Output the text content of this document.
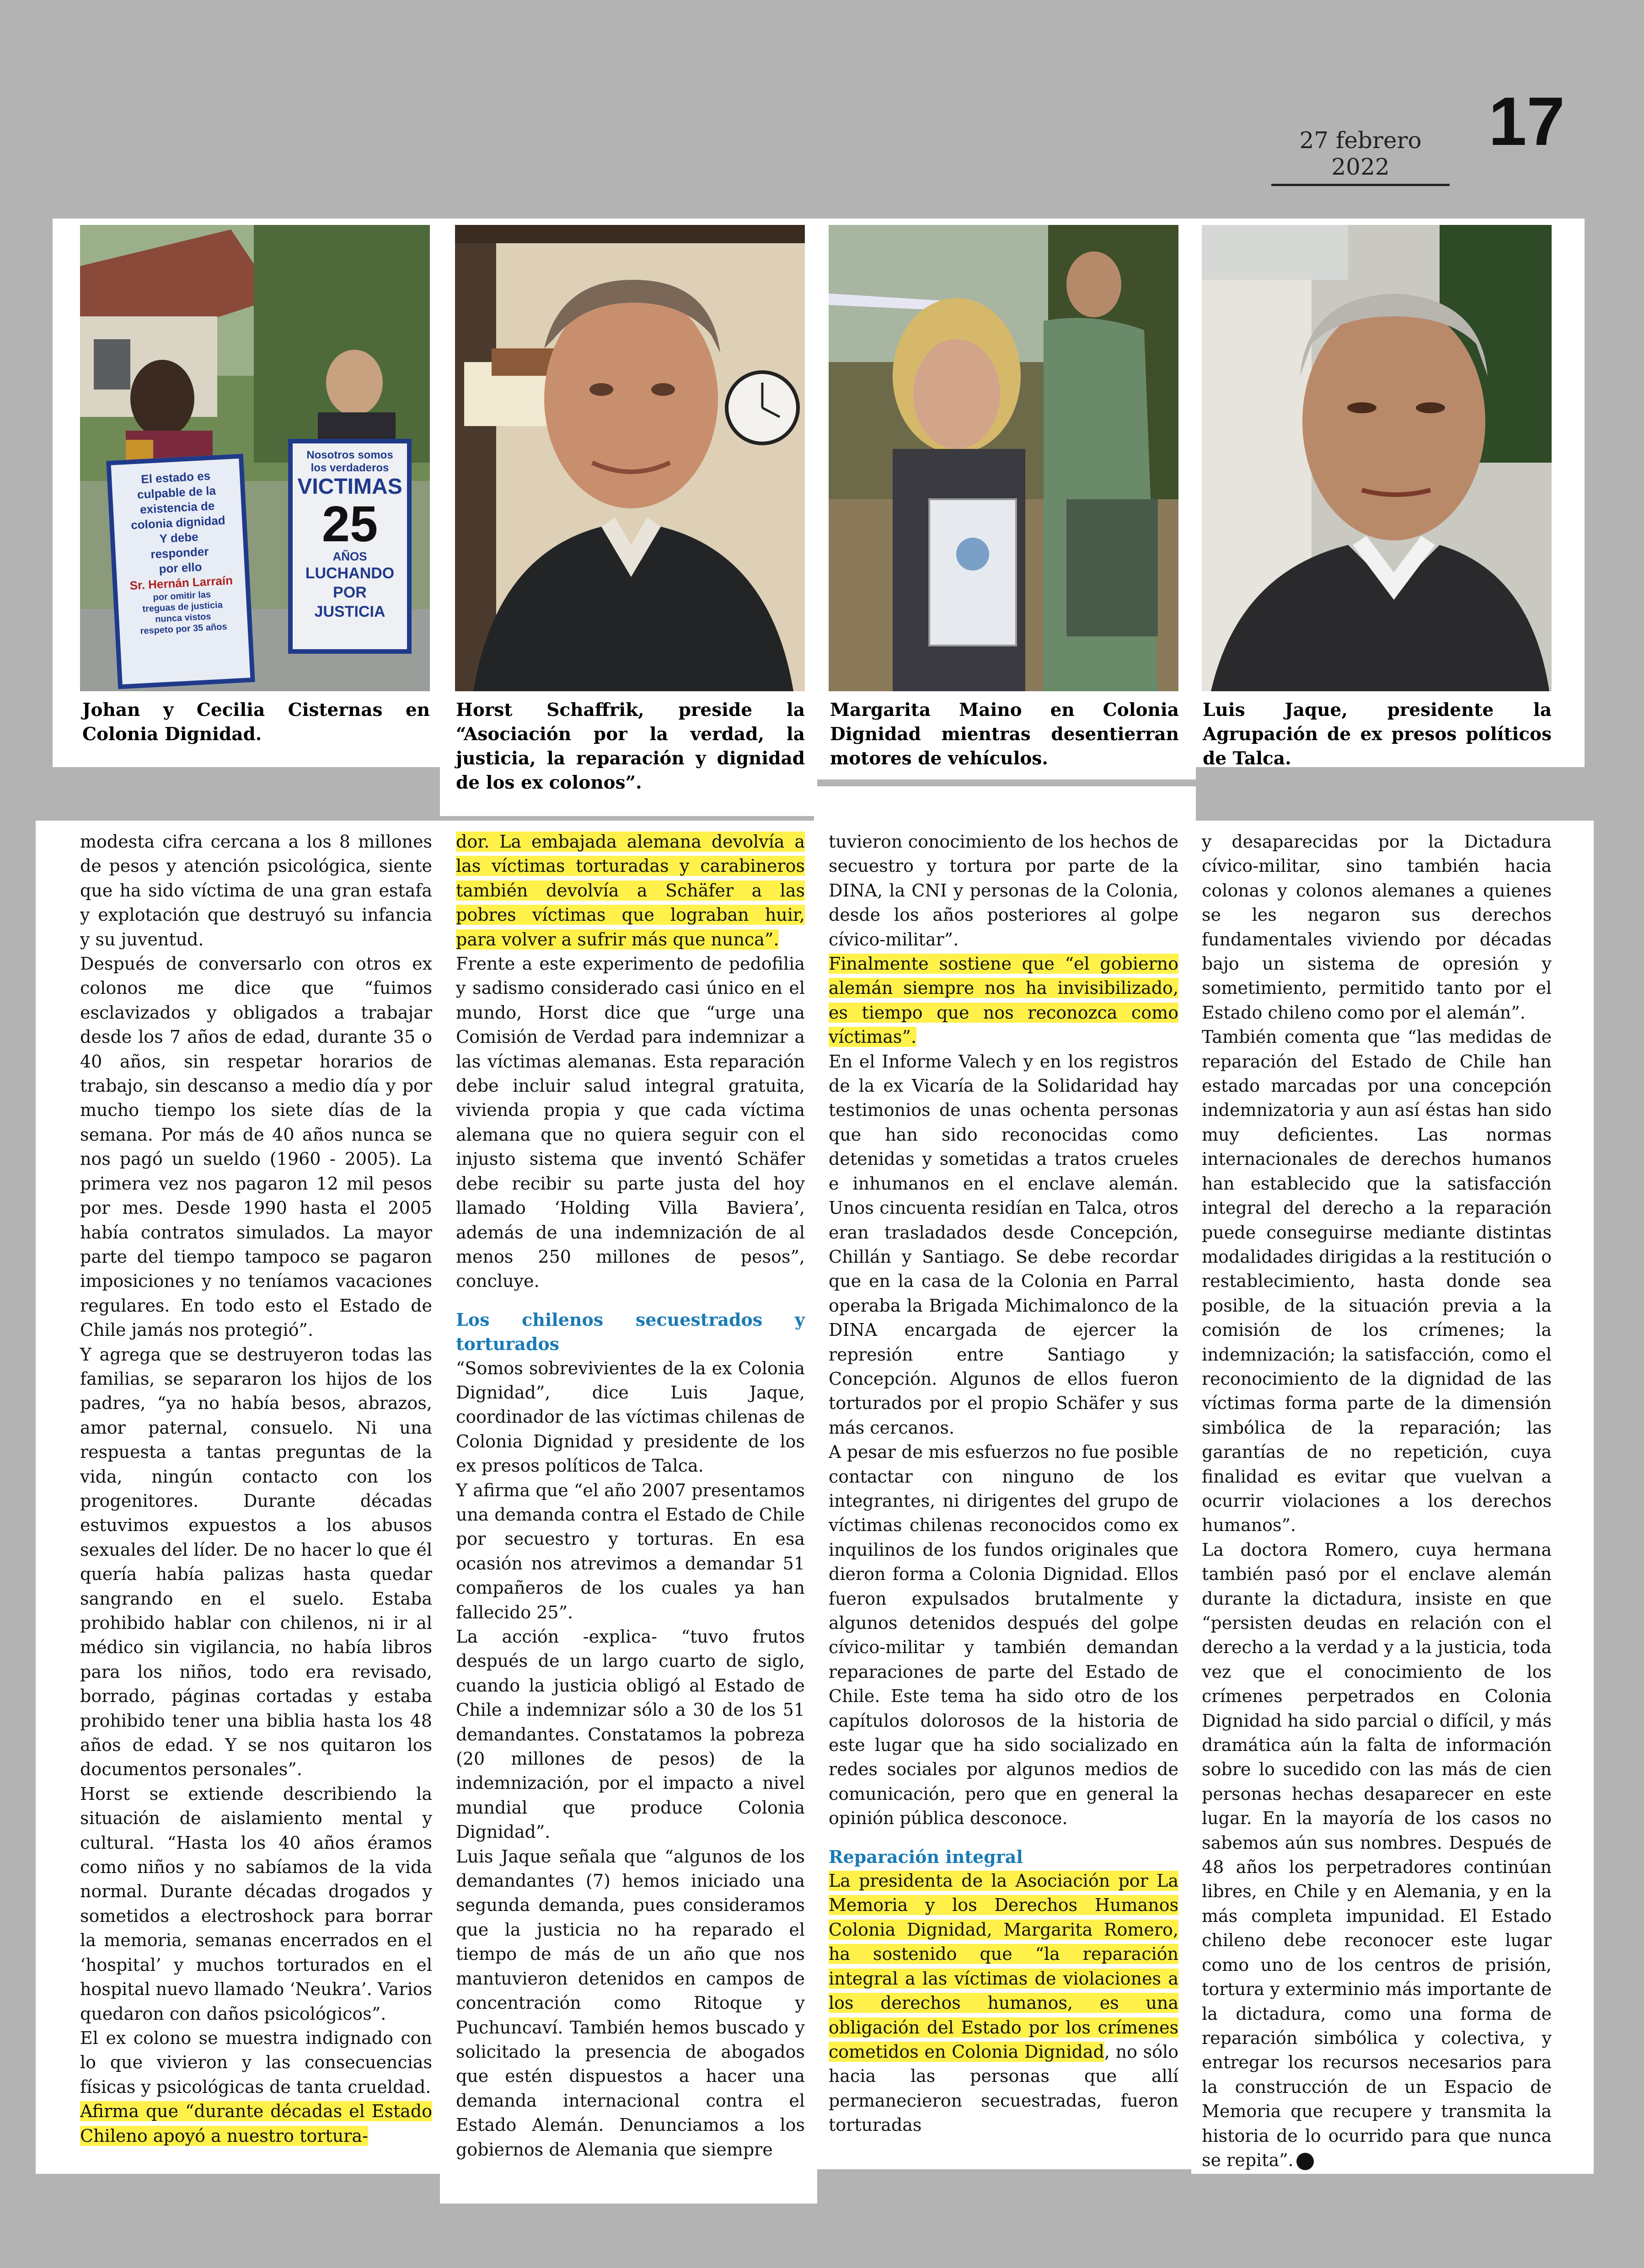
27 febrero 2022
17
El estado es
culpable de la
existencia de
colonia dignidad
Y debe
responder
por ello
Sr. Hernán Larraín
por omitir las
treguas de justicia
nunca vistos
respeto por 35 años
Nosotros somos
los verdaderos
VICTIMAS
25
AÑOS
LUCHANDO
POR
JUSTICIA
Johan y Cecilia Cisternas en Colonia Dignidad.
Horst Schaffrik, preside la “Asociación por la verdad, la justicia, la reparación y dignidad de los ex colonos”.
Margarita Maino en Colonia Dignidad mientras desentierran motores de vehículos.
Luis Jaque, presidente la Agrupación de ex presos políticos de Talca.

modesta cifra cercana a los 8 millones de pesos y atención psicológica, siente que ha sido víctima de una gran estafa y explotación que destruyó su infancia y su juventud.

Después de conversarlo con otros ex colonos me dice que “fuimos esclavizados y obligados a trabajar desde los 7 años de edad, durante 35 o 40 años, sin respetar horarios de trabajo, sin descanso a medio día y por mucho tiempo los siete días de la semana. Por más de 40 años nunca se nos pagó un sueldo (1960 - 2005). La primera vez nos pagaron 12 mil pesos por mes. Desde 1990 hasta el 2005 había contratos simulados. La mayor parte del tiempo tampoco se pagaron imposiciones y no teníamos vacaciones regulares. En todo esto el Estado de Chile jamás nos protegió”.

Y agrega que se destruyeron todas las familias, se separaron los hijos de los padres, “ya no había besos, abrazos, amor paternal, consuelo. Ni una respuesta a tantas preguntas de la vida, ningún contacto con los progenitores. Durante décadas estuvimos expuestos a los abusos sexuales del líder. De no hacer lo que él quería había palizas hasta quedar sangrando en el suelo. Estaba prohibido hablar con chilenos, ni ir al médico sin vigilancia, no había libros para los niños, todo era revisado, borrado, páginas cortadas y estaba prohibido tener una biblia hasta los 48 años de edad. Y se nos quitaron los documentos personales”.

Horst se extiende describiendo la situación de aislamiento mental y cultural. “Hasta los 40 años éramos como niños y no sabíamos de la vida normal. Durante décadas drogados y sometidos a electroshock para borrar la memoria, semanas encerrados en el ‘hospital’ y muchos torturados en el hospital nuevo llamado ‘Neukra’. Varios quedaron con daños psicológicos”.

El ex colono se muestra indignado con lo que vivieron y las consecuencias físicas y psicológicas de tanta crueldad.

Afirma que “durante décadas el Estado Chileno apoyó a nuestro tortura-

dor. La embajada alemana devolvía a las víctimas torturadas y carabineros también devolvía a Schäfer a las pobres víctimas que lograban huir, para volver a sufrir más que nunca”.

Frente a este experimento de pedofilia y sadismo considerado casi único en el mundo, Horst dice que “urge una Comisión de Verdad para indemnizar a las víctimas alemanas. Esta reparación debe incluir salud integral gratuita, vivienda propia y que cada víctima alemana que no quiera seguir con el injusto sistema que inventó Schäfer debe recibir su parte justa del hoy llamado ‘Holding Villa Baviera’, además de una indemnización de al menos 250 millones de pesos”, concluye.

Los chilenos secuestrados y torturados

“Somos sobrevivientes de la ex Colonia Dignidad”, dice Luis Jaque, coordinador de las víctimas chilenas de Colonia Dignidad y presidente de los ex presos políticos de Talca.

Y afirma que “el año 2007 presentamos una demanda contra el Estado de Chile por secuestro y torturas. En esa ocasión nos atrevimos a demandar 51 compañeros de los cuales ya han fallecido 25”.

La acción -explica- “tuvo frutos después de un largo cuarto de siglo, cuando la justicia obligó al Estado de Chile a indemnizar sólo a 30 de los 51 demandantes. Constatamos la pobreza (20 millones de pesos) de la indemnización, por el impacto a nivel mundial que produce Colonia Dignidad”.

Luis Jaque señala que “algunos de los demandantes (7) hemos iniciado una segunda demanda, pues consideramos que la justicia no ha reparado el tiempo de más de un año que nos mantuvieron detenidos en campos de concentración como Ritoque y Puchuncaví. También hemos buscado y solicitado la presencia de abogados que estén dispuestos a hacer una demanda internacional contra el Estado Alemán. Denunciamos a los gobiernos de Alemania que siempre

tuvieron conocimiento de los hechos de secuestro y tortura por parte de la DINA, la CNI y personas de la Colonia, desde los años posteriores al golpe cívico-militar”.

Finalmente sostiene que “el gobierno alemán siempre nos ha invisibilizado, es tiempo que nos reconozca como víctimas”.

En el Informe Valech y en los registros de la ex Vicaría de la Solidaridad hay testimonios de unas ochenta personas que han sido reconocidas como detenidas y sometidas a tratos crueles e inhumanos en el enclave alemán. Unos cincuenta residían en Talca, otros eran trasladados desde Concepción, Chillán y Santiago. Se debe recordar que en la casa de la Colonia en Parral operaba la Brigada Michimalonco de la DINA encargada de ejercer la represión entre Santiago y Concepción. Algunos de ellos fueron torturados por el propio Schäfer y sus más cercanos.

A pesar de mis esfuerzos no fue posible contactar con ninguno de los integrantes, ni dirigentes del grupo de víctimas chilenas reconocidos como ex inquilinos de los fundos originales que dieron forma a Colonia Dignidad. Ellos fueron expulsados brutalmente y algunos detenidos después del golpe cívico-militar y también demandan reparaciones de parte del Estado de Chile. Este tema ha sido otro de los capítulos dolorosos de la historia de este lugar que ha sido socializado en redes sociales por algunos medios de comunicación, pero que en general la opinión pública desconoce.

Reparación integral

La presidenta de la Asociación por La Memoria y los Derechos Humanos Colonia Dignidad, Margarita Romero, ha sostenido que “la reparación integral a las víctimas de violaciones a los derechos humanos, es una obligación del Estado por los crímenes cometidos en Colonia Dignidad, no sólo hacia las personas que allí permanecieron secuestradas, fueron torturadas

y desaparecidas por la Dictadura cívico-militar, sino también hacia colonas y colonos alemanes a quienes se les negaron sus derechos fundamentales viviendo por décadas bajo un sistema de opresión y sometimiento, permitido tanto por el Estado chileno como por el alemán”.

También comenta que “las medidas de reparación del Estado de Chile han estado marcadas por una concepción indemnizatoria y aun así éstas han sido muy deficientes. Las normas internacionales de derechos humanos han establecido que la satisfacción integral del derecho a la reparación puede conseguirse mediante distintas modalidades dirigidas a la restitución o restablecimiento, hasta donde sea posible, de la situación previa a la comisión de los crímenes; la indemnización; la satisfacción, como el reconocimiento de la dignidad de las víctimas forma parte de la dimensión simbólica de la reparación; las garantías de no repetición, cuya finalidad es evitar que vuelvan a ocurrir violaciones a los derechos humanos”.

La doctora Romero, cuya hermana también pasó por el enclave alemán durante la dictadura, insiste en que “persisten deudas en relación con el derecho a la verdad y a la justicia, toda vez que el conocimiento de los crímenes perpetrados en Colonia Dignidad ha sido parcial o difícil, y más dramática aún la falta de información sobre lo sucedido con las más de cien personas hechas desaparecer en este lugar. En la mayoría de los casos no sabemos aún sus nombres. Después de 48 años los perpetradores continúan libres, en Chile y en Alemania, y en la más completa impunidad. El Estado chileno debe reconocer este lugar como uno de los centros de prisión, tortura y exterminio más importante de la dictadura, como una forma de reparación simbólica y colectiva, y entregar los recursos necesarios para la construcción de un Espacio de Memoria que recupere y transmita la historia de lo ocurrido para que nunca se repita”.
